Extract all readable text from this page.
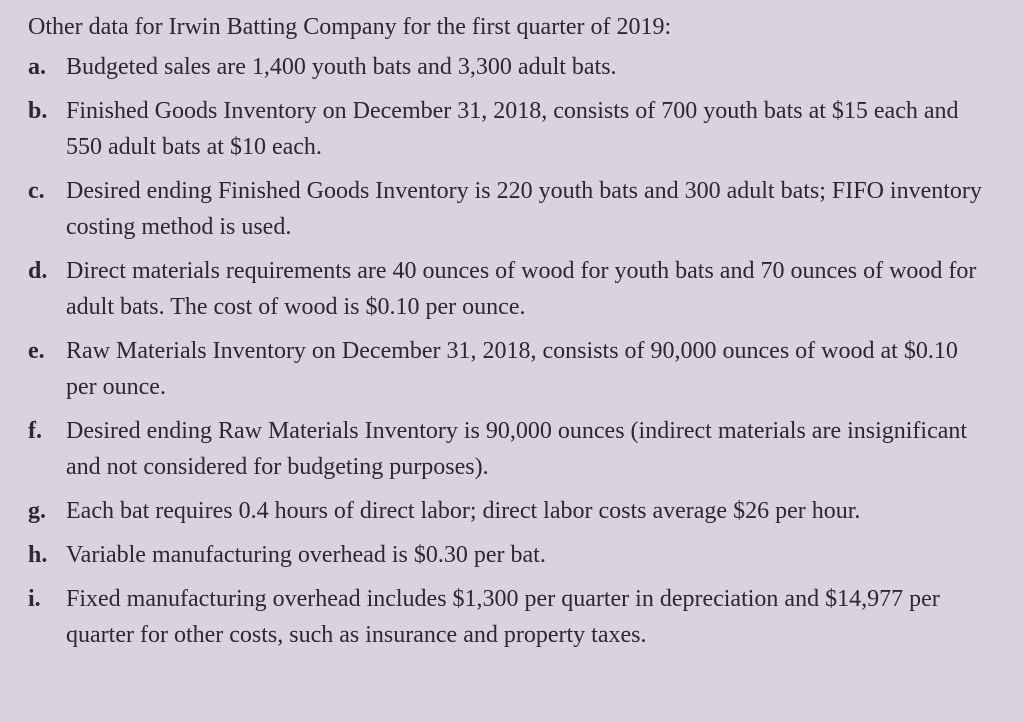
Other data for Irwin Batting Company for the first quarter of 2019:

a. Budgeted sales are 1,400 youth bats and 3,300 adult bats.
b. Finished Goods Inventory on December 31, 2018, consists of 700 youth bats at $15 each and 550 adult bats at $10 each.
c. Desired ending Finished Goods Inventory is 220 youth bats and 300 adult bats; FIFO inventory costing method is used.
d. Direct materials requirements are 40 ounces of wood for youth bats and 70 ounces of wood for adult bats. The cost of wood is $0.10 per ounce.
e. Raw Materials Inventory on December 31, 2018, consists of 90,000 ounces of wood at $0.10 per ounce.
f.	Desired ending Raw Materials Inventory is 90,000 ounces (indirect materials are insignificant and not considered for budgeting purposes).
g. Each bat requires 0.4 hours of direct labor; direct labor costs average $26 per hour.
h. Variable manufacturing overhead is $0.30 per bat.
i.	Fixed manufacturing overhead includes $1,300 per quarter in depreciation and $14,977 per quarter for other costs, such as insurance and property taxes.
